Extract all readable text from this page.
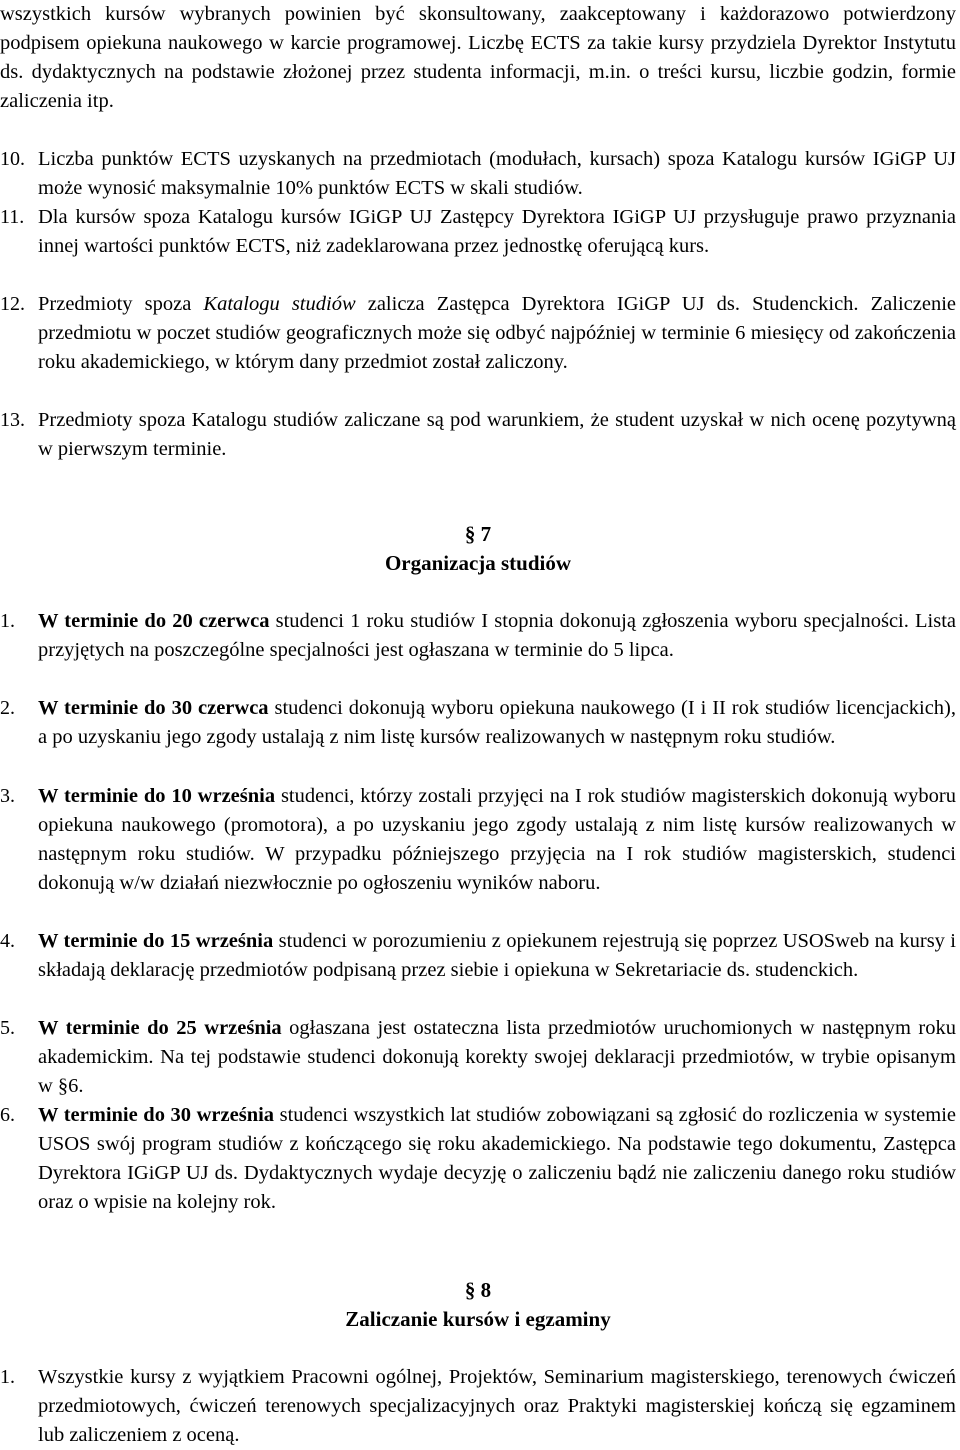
wszystkich kursów wybranych powinien być skonsultowany, zaakceptowany i każdorazowo potwierdzony podpisem opiekuna naukowego w karcie programowej. Liczbę ECTS za takie kursy przydziela Dyrektor Instytutu ds. dydaktycznych na podstawie złożonej przez studenta informacji, m.in. o treści kursu, liczbie godzin, formie zaliczenia itp.

10. Liczba punktów ECTS uzyskanych na przedmiotach (modułach, kursach) spoza Katalogu kursów IGiGP UJ może wynosić maksymalnie 10% punktów ECTS w skali studiów.

11. Dla kursów spoza Katalogu kursów IGiGP UJ Zastępcy Dyrektora IGiGP UJ przysługuje prawo przyznania innej wartości punktów ECTS, niż zadeklarowana przez jednostkę oferującą kurs.

12. Przedmioty spoza Katalogu studiów zalicza Zastępca Dyrektora IGiGP UJ ds. Studenckich. Zaliczenie przedmiotu w poczet studiów geograficznych może się odbyć najpóźniej w terminie 6 miesięcy od zakończenia roku akademickiego, w którym dany przedmiot został zaliczony.

13. Przedmioty spoza Katalogu studiów zaliczane są pod warunkiem, że student uzyskał w nich ocenę pozytywną w pierwszym terminie.

§ 7
Organizacja studiów
1.	W terminie do 20 czerwca studenci 1 roku studiów I stopnia dokonują zgłoszenia wyboru specjalności. Lista przyjętych na poszczególne specjalności jest ogłaszana w terminie do 5 lipca.

2.	W terminie do 30 czerwca studenci dokonują wyboru opiekuna naukowego (I i II rok studiów licencjackich), a po uzyskaniu jego zgody ustalają z nim listę kursów realizowanych w następnym roku studiów.

3.	W terminie do 10 września studenci, którzy zostali przyjęci na I rok studiów magisterskich dokonują wyboru opiekuna naukowego (promotora), a po uzyskaniu jego zgody ustalają z nim listę kursów realizowanych w następnym roku studiów. W przypadku późniejszego przyjęcia na I rok studiów magisterskich, studenci dokonują w/w działań niezwłocznie po ogłoszeniu wyników naboru.

4.	W terminie do 15 września studenci w porozumieniu z opiekunem rejestrują się poprzez USOSweb na kursy i składają deklarację przedmiotów podpisaną przez siebie i opiekuna w Sekretariacie ds. studenckich.

5.	W terminie do 25 września ogłaszana jest ostateczna lista przedmiotów uruchomionych w następnym roku akademickim. Na tej podstawie studenci dokonują korekty swojej deklaracji przedmiotów, w trybie opisanym w §6.

6.	W terminie do 30 września studenci wszystkich lat studiów zobowiązani są zgłosić do rozliczenia w systemie USOS swój program studiów z kończącego się roku akademickiego. Na podstawie tego dokumentu, Zastępca Dyrektora IGiGP UJ ds. Dydaktycznych wydaje decyzję o zaliczeniu bądź nie zaliczeniu danego roku studiów oraz o wpisie na kolejny rok.

§ 8
Zaliczanie kursów i egzaminy
1.	Wszystkie kursy z wyjątkiem Pracowni ogólnej, Projektów, Seminarium magisterskiego, terenowych ćwiczeń przedmiotowych, ćwiczeń terenowych specjalizacyjnych oraz Praktyki magisterskiej kończą się egzaminem lub zaliczeniem z oceną.
